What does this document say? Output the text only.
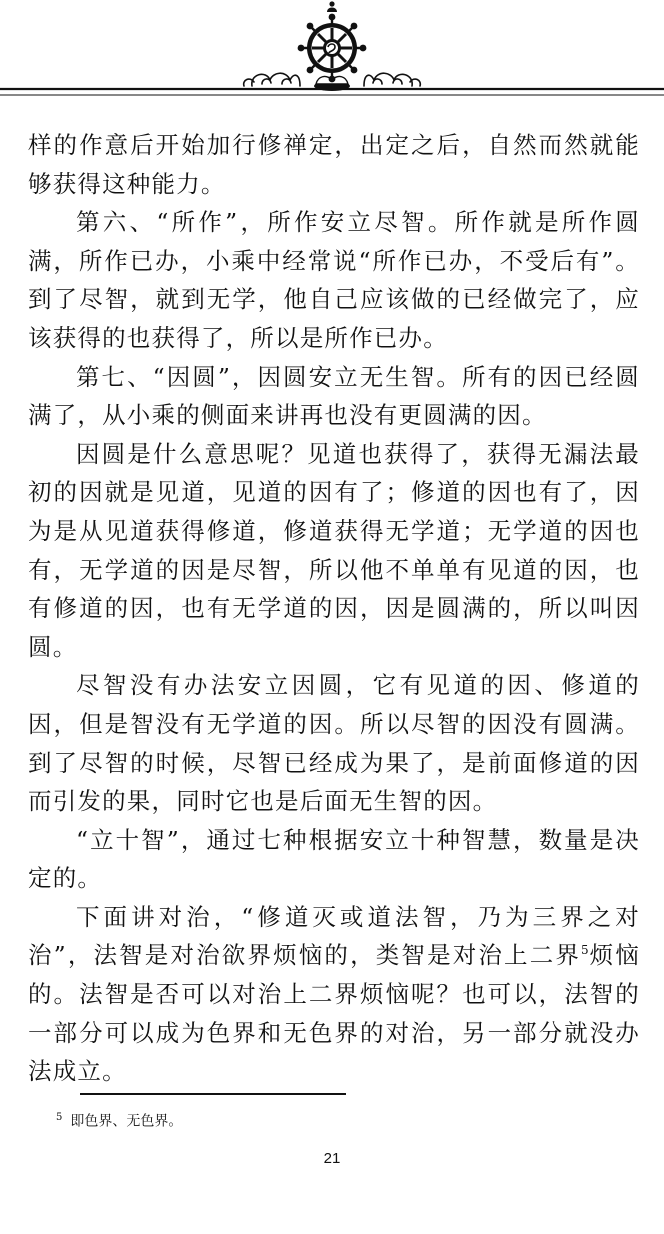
样的作意后开始加行修禅定，出定之后，自然而然就能够获得这种能力。

第六、“所作”，所作安立尽智。所作就是所作圆满，所作已办，小乘中经常说“所作已办，不受后有”。到了尽智，就到无学，他自己应该做的已经做完了，应该获得的也获得了，所以是所作已办。

第七、“因圆”，因圆安立无生智。所有的因已经圆满了，从小乘的侧面来讲再也没有更圆满的因。

因圆是什么意思呢？见道也获得了，获得无漏法最初的因就是见道，见道的因有了；修道的因也有了，因为是从见道获得修道，修道获得无学道；无学道的因也有，无学道的因是尽智，所以他不单单有见道的因，也有修道的因，也有无学道的因，因是圆满的，所以叫因圆。

尽智没有办法安立因圆，它有见道的因、修道的因，但是智没有无学道的因。所以尽智的因没有圆满。到了尽智的时候，尽智已经成为果了，是前面修道的因而引发的果，同时它也是后面无生智的因。

“立十智”，通过七种根据安立十种智慧，数量是决定的。

下面讲对治，“修道灭或道法智，乃为三界之对治”，法智是对治欲界烦恼的，类智是对治上二界$^5$烦恼的。法智是否可以对治上二界烦恼呢？也可以，法智的一部分可以成为色界和无色界的对治，另一部分就没办法成立。

$^5$ 即色界、无色界。
21
